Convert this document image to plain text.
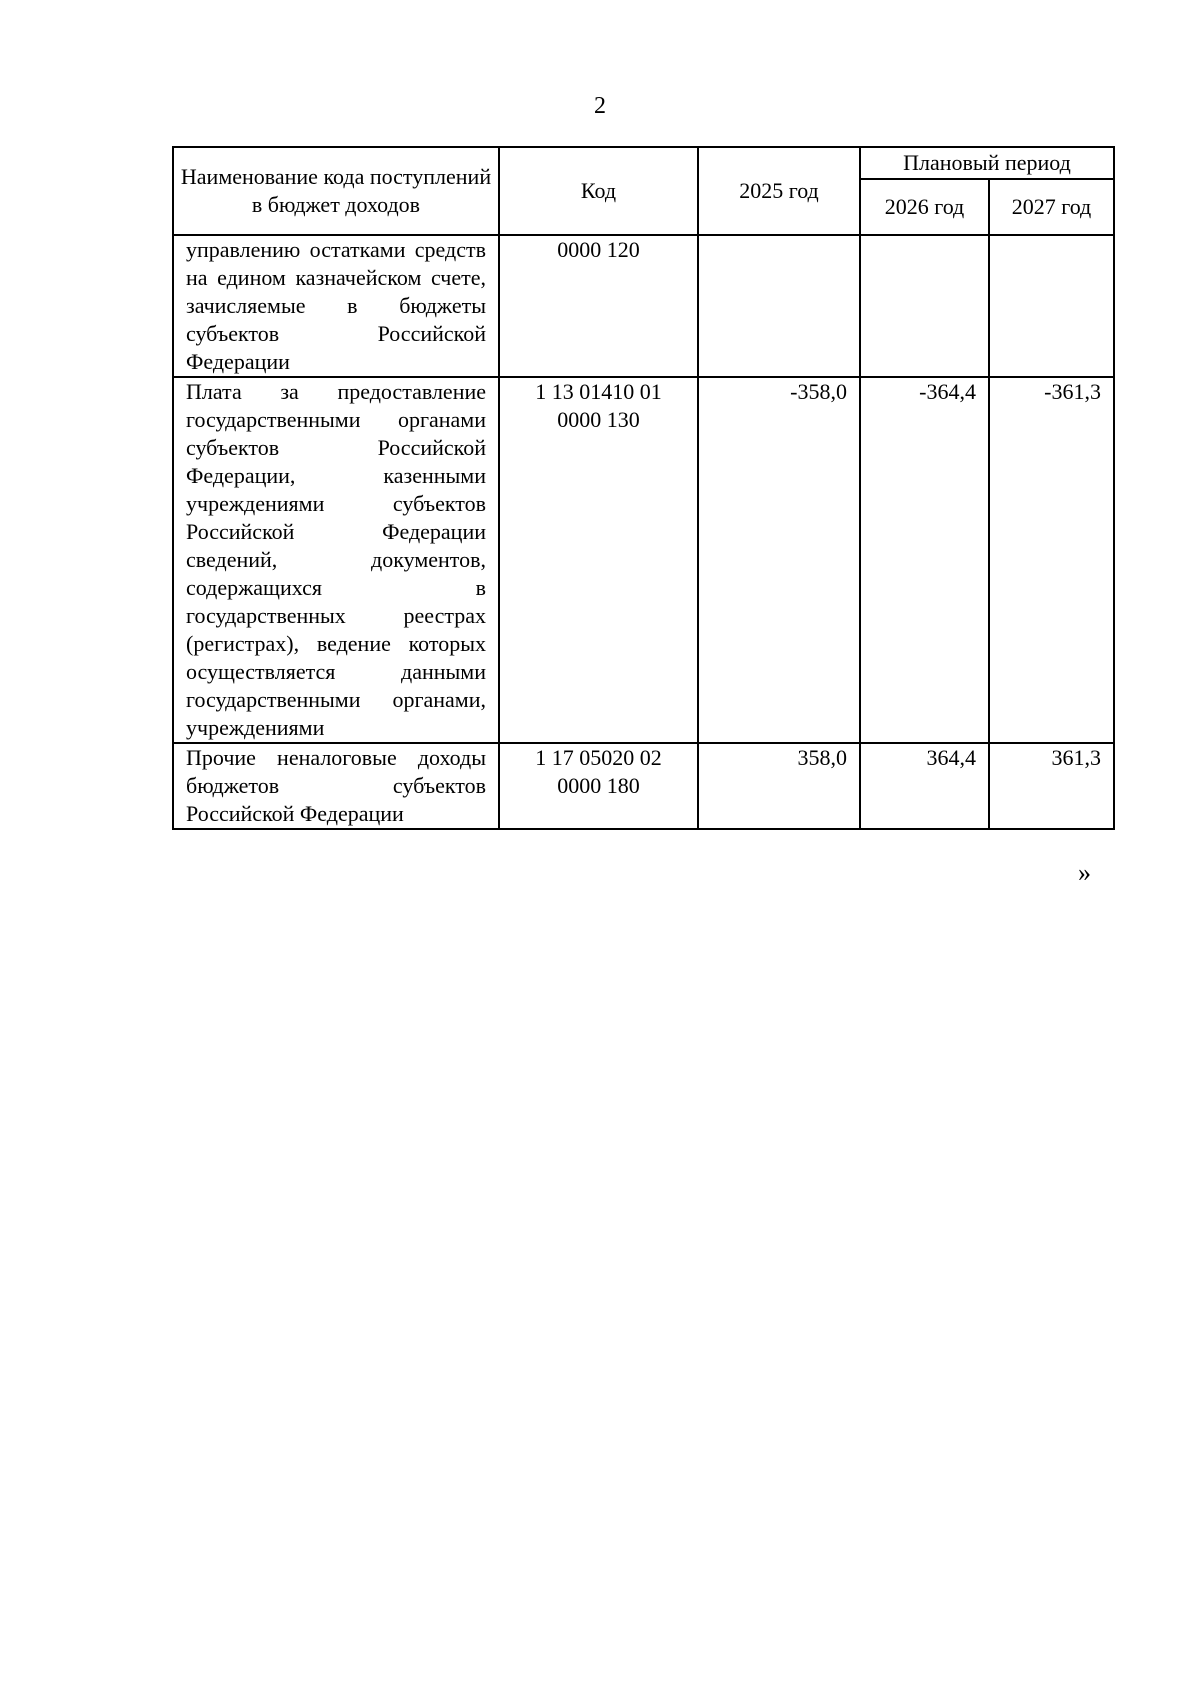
2
Наименование кода поступлений в бюджет доходов	Код	2025 год	Плановый период	
			2026 год	2027 год
управлению остатками средств на едином казначейском счете, зачисляемые в бюджеты субъектов Российской Федерации	0000 120			
Плата за предоставление государственными органами субъектов Российской Федерации, казенными учреждениями субъектов Российской Федерации сведений, документов, содержащихся в государственных реестрах (регистрах), ведение которых осуществляется данными государственными органами, учреждениями	1 13 01410 01 0000 130	-358,0	-364,4	-361,3
Прочие неналоговые доходы бюджетов субъектов Российской Федерации	1 17 05020 02 0000 180	358,0	364,4	361,3
»
